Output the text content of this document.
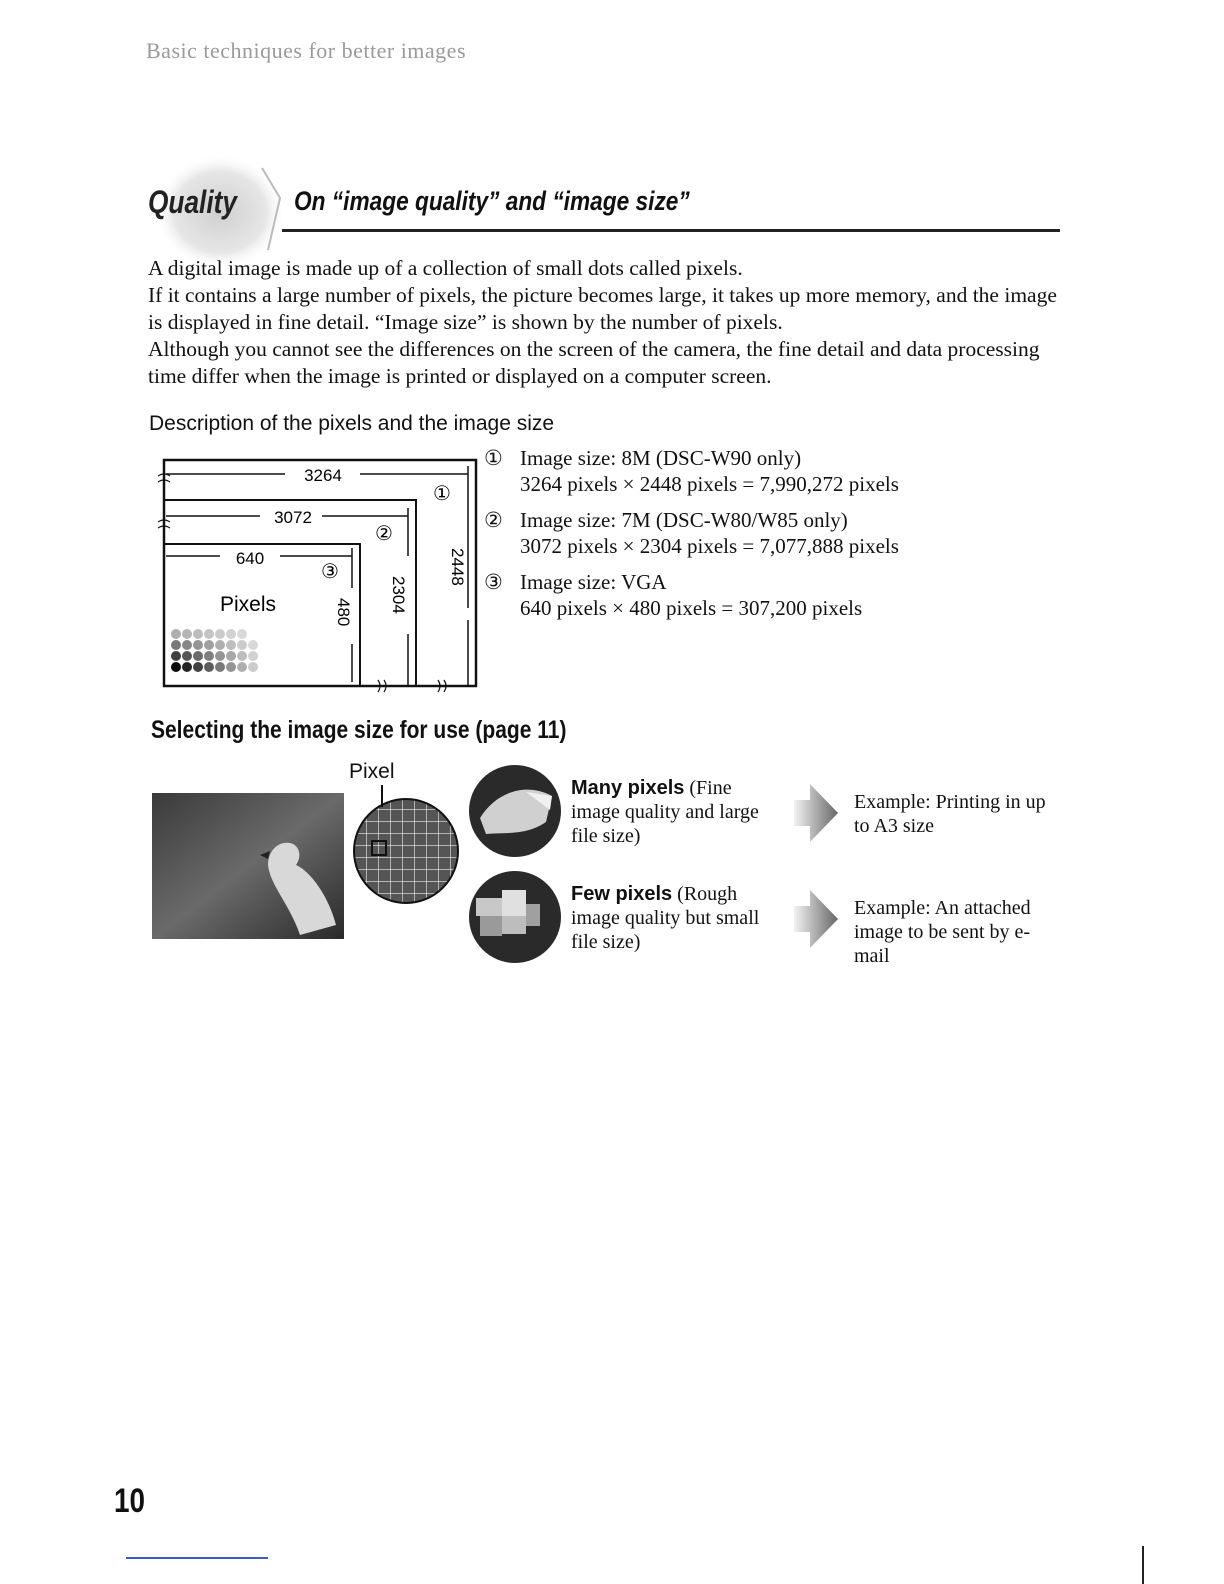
Basic techniques for better images
Quality On “image quality” and “image size”

A digital image is made up of a collection of small dots called pixels.

If it contains a large number of pixels, the picture becomes large, it takes up more memory, and the image is displayed in fine detail. “Image size” is shown by the number of pixels.

Although you cannot see the differences on the screen of the camera, the fine detail and data processing time differ when the image is printed or displayed on a computer screen.

Description of the pixels and the image size
3264
3072
640
①
②
③	2448
2304
480
Pixels
① Image size: 8M (DSC-W90 only)
3264 pixels × 2448 pixels = 7,990,272 pixels
② Image size: 7M (DSC-W80/W85 only)
3072 pixels × 2304 pixels = 7,077,888 pixels
③ Image size: VGA
640 pixels × 480 pixels = 307,200 pixels
Selecting the image size for use (page 11)
Pixel
Many pixels (Fine image quality and large file size)
Few pixels (Rough image quality but small file size)
Example: Printing in up to A3 size
Example: An attached image to be sent by e-mail
10
